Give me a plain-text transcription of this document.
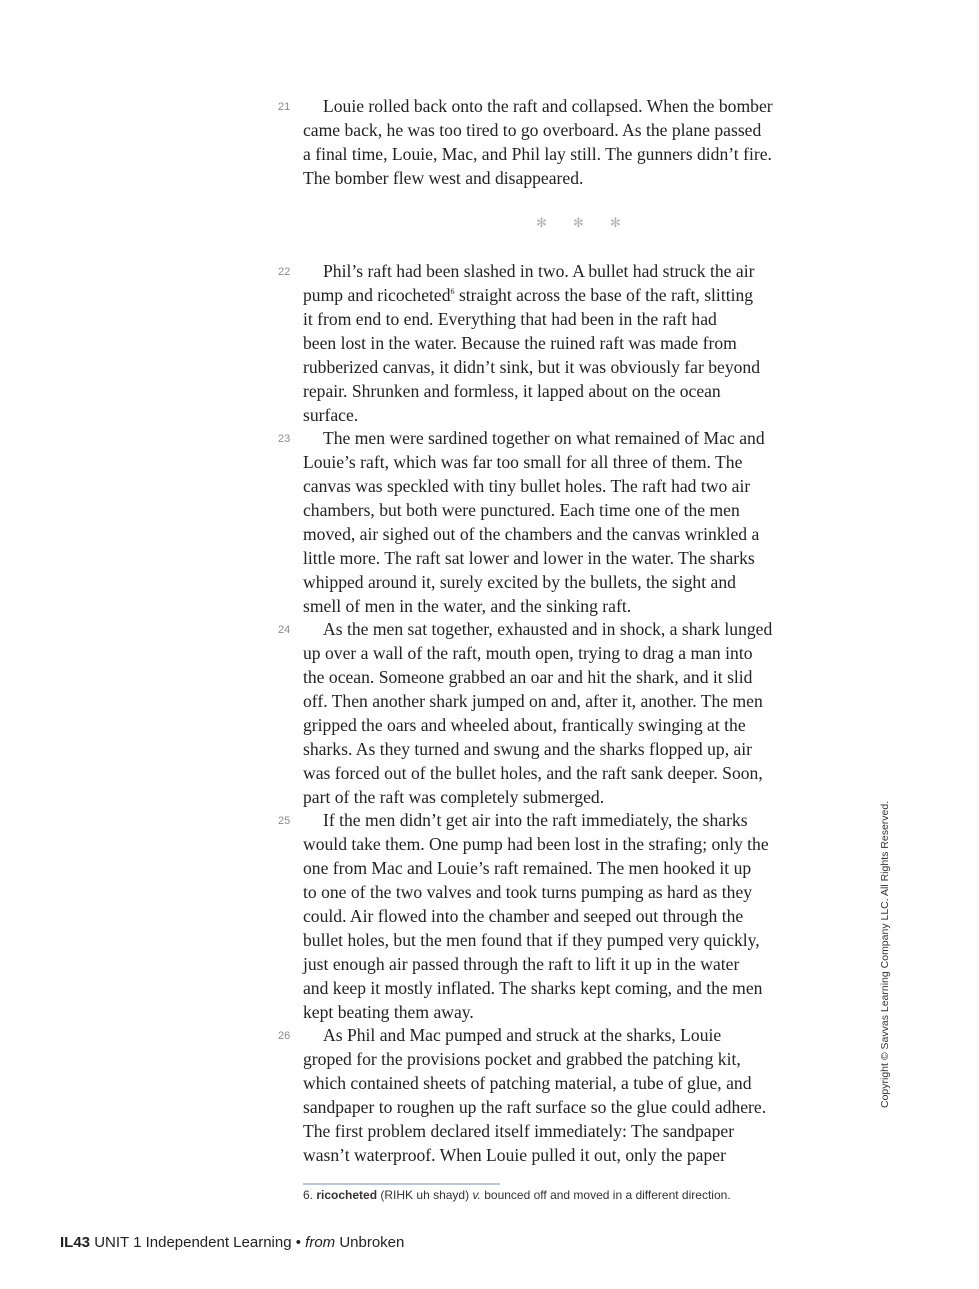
21	Louie rolled back onto the raft and collapsed. When the bomber
came back, he was too tired to go overboard. As the plane passed
a final time, Louie, Mac, and Phil lay still. The gunners didn’t fire.
The bomber flew west and disappeared.

✻ ✻ ✻
22	Phil’s raft had been slashed in two. A bullet had struck the air
pump and ricocheted$^6$ straight across the base of the raft, slitting
it from end to end. Everything that had been in the raft had
been lost in the water. Because the ruined raft was made from
rubberized canvas, it didn’t sink, but it was obviously far beyond
repair. Shrunken and formless, it lapped about on the ocean
surface.

23	The men were sardined together on what remained of Mac and
Louie’s raft, which was far too small for all three of them. The
canvas was speckled with tiny bullet holes. The raft had two air
chambers, but both were punctured. Each time one of the men
moved, air sighed out of the chambers and the canvas wrinkled a
little more. The raft sat lower and lower in the water. The sharks
whipped around it, surely excited by the bullets, the sight and
smell of men in the water, and the sinking raft.

24	As the men sat together, exhausted and in shock, a shark lunged
up over a wall of the raft, mouth open, trying to drag a man into
the ocean. Someone grabbed an oar and hit the shark, and it slid
off. Then another shark jumped on and, after it, another. The men
gripped the oars and wheeled about, frantically swinging at the
sharks. As they turned and swung and the sharks flopped up, air
was forced out of the bullet holes, and the raft sank deeper. Soon,
part of the raft was completely submerged.

25	If the men didn’t get air into the raft immediately, the sharks
would take them. One pump had been lost in the strafing; only the
one from Mac and Louie’s raft remained. The men hooked it up
to one of the two valves and took turns pumping as hard as they
could. Air flowed into the chamber and seeped out through the
bullet holes, but the men found that if they pumped very quickly,
just enough air passed through the raft to lift it up in the water
and keep it mostly inflated. The sharks kept coming, and the men
kept beating them away.

26	As Phil and Mac pumped and struck at the sharks, Louie
groped for the provisions pocket and grabbed the patching kit,
which contained sheets of patching material, a tube of glue, and
sandpaper to roughen up the raft surface so the glue could adhere.
The first problem declared itself immediately: The sandpaper
wasn’t waterproof. When Louie pulled it out, only the paper

6. ricocheted (RIHK uh shayd) v. bounced off and moved in a different direction.
Copyright © Savvas Learning Company LLC. All Rights Reserved.
IL43 UNIT 1 Independent Learning • from Unbroken
